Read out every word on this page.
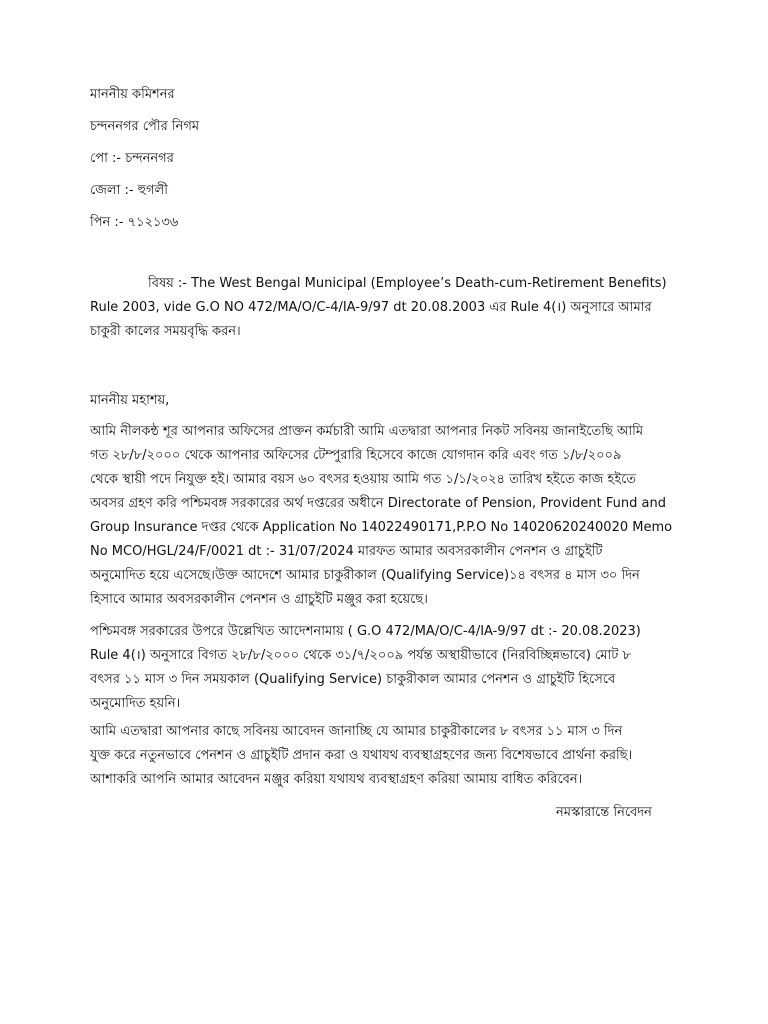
মাননীয় কমিশনর
চন্দননগর পৌর নিগম
পো :- চন্দননগর
জেলা :- হুগলী
পিন :- ৭১২১৩৬
বিষয় :- The West Bengal Municipal (Employee’s Death-cum-Retirement Benefits)
Rule 2003, vide G.O NO 472/MA/O/C-4/IA-9/97 dt 20.08.2003 এর Rule 4(।) অনুসারে আমার
চাকুরী কালের সময়বৃদ্ধি করন।
মাননীয় মহাশয়,
আমি নীলকন্ঠ শূর আপনার অফিসের প্রাক্তন কর্মচারী আমি এতদ্বারা আপনার নিকট সবিনয় জানাইতেছি আমি
গত ২৮/৮/২০০০ থেকে আপনার অফিসের টেম্পুরারি হিসেবে কাজে যোগদান করি এবং গত ১/৮/২০০৯
থেকে স্থায়ী পদে নিযুক্ত হই। আমার বয়স ৬০ বৎসর হওয়ায় আমি গত ১/১/২০২৪ তারিখ হইতে কাজ হইতে
অবসর গ্রহণ করি পশ্চিমবঙ্গ সরকারের অর্থ দপ্তরের অধীনে Directorate of Pension, Provident Fund and
Group Insurance দপ্তর থেকে Application No 14022490171,P.P.O No 14020620240020 Memo
No MCO/HGL/24/F/0021 dt :- 31/07/2024 মারফত আমার অবসরকালীন পেনশন ও গ্রাচুইটি
অনুমোদিত হয়ে এসেছে।উক্ত আদেশে আমার চাকুরীকাল (Qualifying Service)১৪ বৎসর ৪ মাস ৩০ দিন
হিসাবে আমার অবসরকালীন পেনশন ও গ্রাচুইটি মঞ্জুর করা হয়েছে।
পশ্চিমবঙ্গ সরকারের উপরে উল্লেখিত আদেশনামায় ( G.O 472/MA/O/C-4/IA-9/97 dt :- 20.08.2023)
Rule 4(।) অনুসারে বিগত ২৮/৮/২০০০ থেকে ৩১/৭/২০০৯ পর্যন্ত অস্থায়ীভাবে (নিরবিচ্ছিন্নভাবে) মোট ৮
বৎসর ১১ মাস ৩ দিন সময়কাল (Qualifying Service) চাকুরীকাল আমার পেনশন ও গ্রাচুইটি হিসেবে
অনুমোদিত হয়নি।
আমি এতদ্বারা আপনার কাছে সবিনয় আবেদন জানাচ্ছি যে আমার চাকুরীকালের ৮ বৎসর ১১ মাস ৩ দিন
যুক্ত করে নতুনভাবে পেনশন ও গ্রাচুইটি প্রদান করা ও যথাযথ ব্যবস্থাগ্রহণের জন্য বিশেষভাবে প্রার্থনা করছি।
আশাকরি আপনি আমার আবেদন মঞ্জুর করিয়া যথাযথ ব্যবস্থাগ্রহণ করিয়া আমায় বাধিত করিবেন।
নমস্কারান্তে নিবেদন
